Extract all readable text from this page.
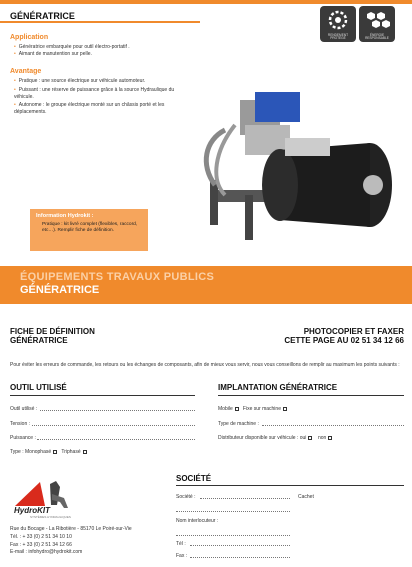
GÉNÉRATRICE
RENDEMENT PROTÉGÉ
ÉNERGIE RESPONSABLE
Application
• Génératrice embarquée pour outil électro-portatif .
• Aimant de manutention sur pelle.
Avantage
• Pratique : une source électrique sur véhicule automoteur.
• Puissant : une réserve de puissance grâce à la source Hydraulique du véhicule.
• Autonome : le groupe électrique monté sur un châssis porté et les déplacements.
Information Hydrokit :
Pratique : kit livré complet (flexibles, raccord, etc…). Remplir fiche de définition.
ÉQUIPEMENTS TRAVAUX PUBLICS
GÉNÉRATRICE
FICHE DE DÉFINITION
GÉNÉRATRICE
PHOTOCOPIER ET FAXER
CETTE PAGE AU 02 51 34 12 66
Pour éviter les erreurs de commande, les retours ou les échanges de composants, afin de mieux vous servir, nous vous conseillons de remplir au maximum les points suivants :
OUTIL UTILISÉ
Outil utilisé :
Tension :
Puissance :
Type : Monophasé Triphasé
IMPLANTATION GÉNÉRATRICE
Mobile Fixe sur machine
Type de machine :
Distributeur disponible sur véhicule : oui non
SOCIÉTÉ
Société :	Cachet
Nom interlocuteur :
Tél :
Fax :
HydroKIT
SYSTÈMES HYDRAULIQUES
Rue du Bocage - La Ribotière - 85170 Le Poiré-sur-Vie
Tél. : + 33 (0) 2 51 34 10 10
Fax : + 33 (0) 2 51 34 12 66
E-mail : infohydro@hydrokit.com
